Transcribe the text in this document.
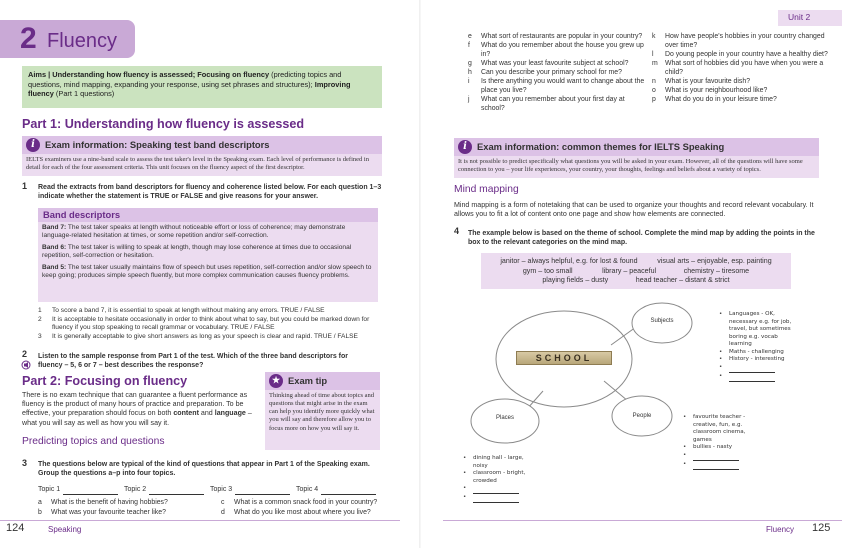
2 Fluency
Aims | Understanding how fluency is assessed; Focusing on fluency (predicting topics and questions, mind mapping, expanding your response, using set phrases and structures); Improving fluency (Part 1 questions)
Part 1: Understanding how fluency is assessed
i	Exam information: Speaking test band descriptors
IELTS examiners use a nine-band scale to assess the test taker's level in the Speaking exam. Each level of performance is defined in detail for each of the four assessment criteria. This unit focuses on the fluency aspect of the first descriptor.
1 Read the extracts from band descriptors for fluency and coherence listed below. For each question 1–3 indicate whether the statement is TRUE or FALSE and give reasons for your answer.
Band descriptors

Band 7: The test taker speaks at length without noticeable effort or loss of coherence; may demonstrate language-related hesitation at times, or some repetition and/or self-correction.

Band 6: The test taker is willing to speak at length, though may lose coherence at times due to occasional repetition, self-correction or hesitation.

Band 5: The test taker usually maintains flow of speech but uses repetition, self-correction and/or slow speech to keep going; produces simple speech fluently, but more complex communication causes fluency problems.

1	To score a band 7, it is essential to speak at length without making any errors. TRUE / FALSE
2	It is acceptable to hesitate occasionally in order to think about what to say, but you could be marked down for fluency if you stop speaking to recall grammar or vocabulary. TRUE / FALSE
3	It is generally acceptable to give short answers as long as your speech is clear and rapid. TRUE / FALSE
2 Listen to the sample response from Part 1 of the test. Which of the three band descriptors for fluency – 5, 6 or 7 – best describes the response?
Part 2: Focusing on fluency
There is no exam technique that can guarantee a fluent performance as fluency is the product of many hours of practice and preparation. To be effective, your preparation should focus on both content and language – what you will say as well as how you will say it.
★ Exam tip
Thinking ahead of time about topics and questions that might arise in the exam can help you identify more quickly what you will say and therefore allow you to focus more on how you will say it.
Predicting topics and questions
3 The questions below are typical of the kind of questions that appear in Part 1 of the Speaking exam. Group the questions a–p into four topics.
Topic 1	Topic 2	Topic 3	Topic 4
a	What is the benefit of having hobbies?	c	What is a common snack food in your country?
b	What was your favourite teacher like?	d	What do you like most about where you live?
124	Speaking
Unit 2
e	What sort of restaurants are popular in your country?
f	What do you remember about the house you grew up in?
g	What was your least favourite subject at school?
h	Can you describe your primary school for me?
i	Is there anything you would want to change about the place you live?
j	What can you remember about your first day at school?
k	How have people's hobbies in your country changed over time?
l	Do young people in your country have a healthy diet?
m	What sort of hobbies did you have when you were a child?
n	What is your favourite dish?
o	What is your neighbourhood like?
p	What do you do in your leisure time?
i	Exam information: common themes for IELTS Speaking
It is not possible to predict specifically what questions you will be asked in your exam. However, all of the questions will have some connection to you – your life experiences, your country, your thoughts, feelings and beliefs about a variety of topics.
Mind mapping
Mind mapping is a form of notetaking that can be used to organize your thoughts and record relevant vocabulary. It allows you to fit a lot of content onto one page and show how elements are connected.
4 The example below is based on the theme of school. Complete the mind map by adding the points in the box to the relevant categories on the mind map.
janitor – always helpful, e.g. for lost & found          visual arts – enjoyable, esp. painting
gym – too small               library – peaceful              chemistry – tiresome
playing fields – dusty              head teacher – distant & strict
SCHOOL
Subjects
Places	People
•	Languages - OK, necessary e.g. for job, travel, but sometimes boring e.g. vocab learning
•	Maths - challenging
•	History - interesting
•
•
•	favourite teacher - creative, fun, e.g. classroom cinema, games
•	bullies - nasty
•
•
•	dining hall - large, noisy
•	classroom - bright, crowded
•
•
Fluency 125
